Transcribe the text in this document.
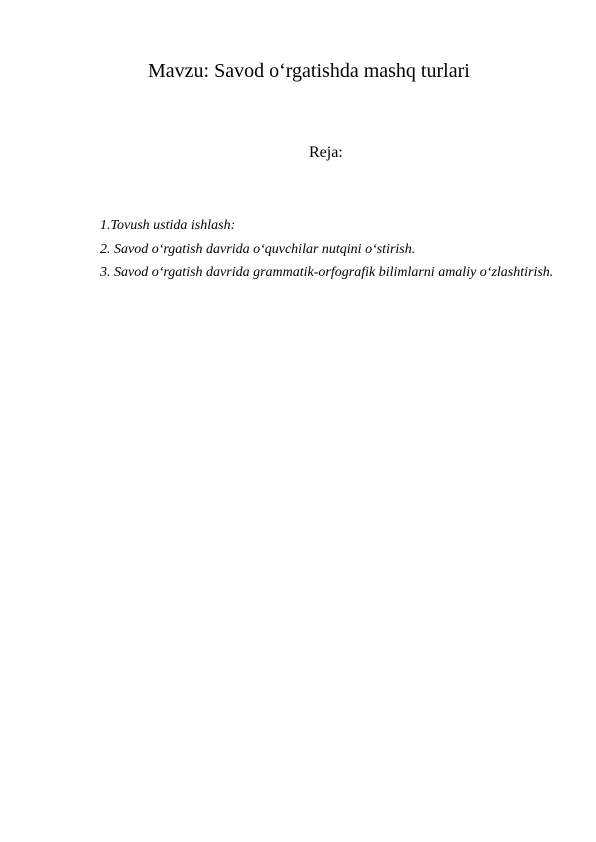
Mavzu: Savod o‘rgatishda mashq turlari
Reja:
1.Tovush ustida ishlash:
2. Savod o‘rgatish davrida o‘quvchilar nutqini o‘stirish.
3. Savod o‘rgatish davrida grammatik-orfografik bilimlarni amaliy o‘zlashtirish.
